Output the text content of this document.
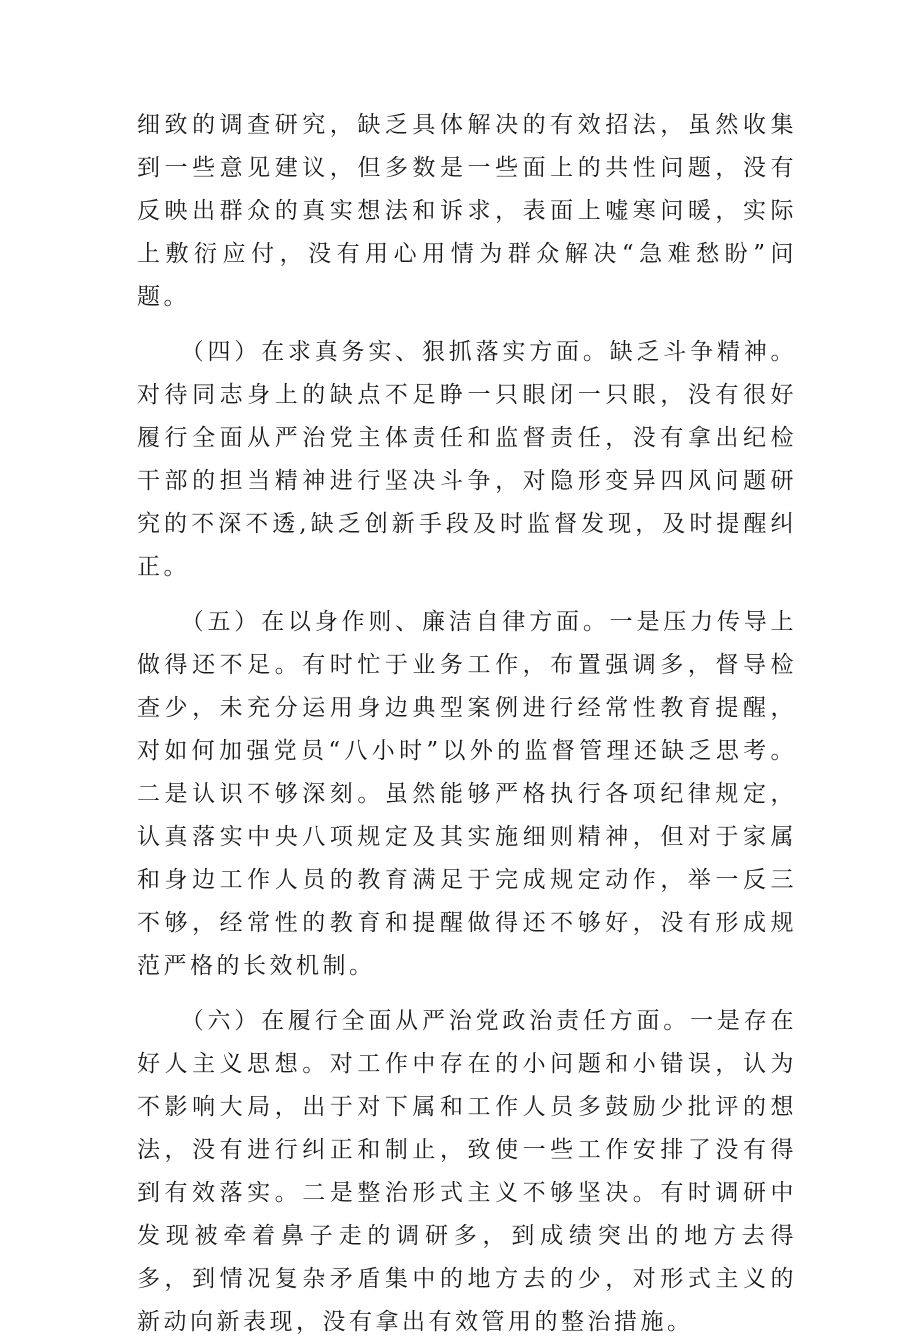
细致的调查研究，缺乏具体解决的有效招法，虽然收集到一些意见建议，但多数是一些面上的共性问题，没有反映出群众的真实想法和诉求，表面上嘘寒问暖，实际上敷衍应付，没有用心用情为群众解决“急难愁盼”问题。

（四）在求真务实、狠抓落实方面。缺乏斗争精神。对待同志身上的缺点不足睁一只眼闭一只眼，没有很好履行全面从严治党主体责任和监督责任，没有拿出纪检干部的担当精神进行坚决斗争，对隐形变异四风问题研究的不深不透,缺乏创新手段及时监督发现，及时提醒纠正。

（五）在以身作则、廉洁自律方面。一是压力传导上做得还不足。有时忙于业务工作，布置强调多，督导检查少，未充分运用身边典型案例进行经常性教育提醒，对如何加强党员“八小时”以外的监督管理还缺乏思考。二是认识不够深刻。虽然能够严格执行各项纪律规定，认真落实中央八项规定及其实施细则精神，但对于家属和身边工作人员的教育满足于完成规定动作，举一反三不够，经常性的教育和提醒做得还不够好，没有形成规范严格的长效机制。

（六）在履行全面从严治党政治责任方面。一是存在好人主义思想。对工作中存在的小问题和小错误，认为不影响大局，出于对下属和工作人员多鼓励少批评的想法，没有进行纠正和制止，致使一些工作安排了没有得到有效落实。二是整治形式主义不够坚决。有时调研中发现被牵着鼻子走的调研多，到成绩突出的地方去得多，到情况复杂矛盾集中的地方去的少，对形式主义的新动向新表现，没有拿出有效管用的整治措施。
